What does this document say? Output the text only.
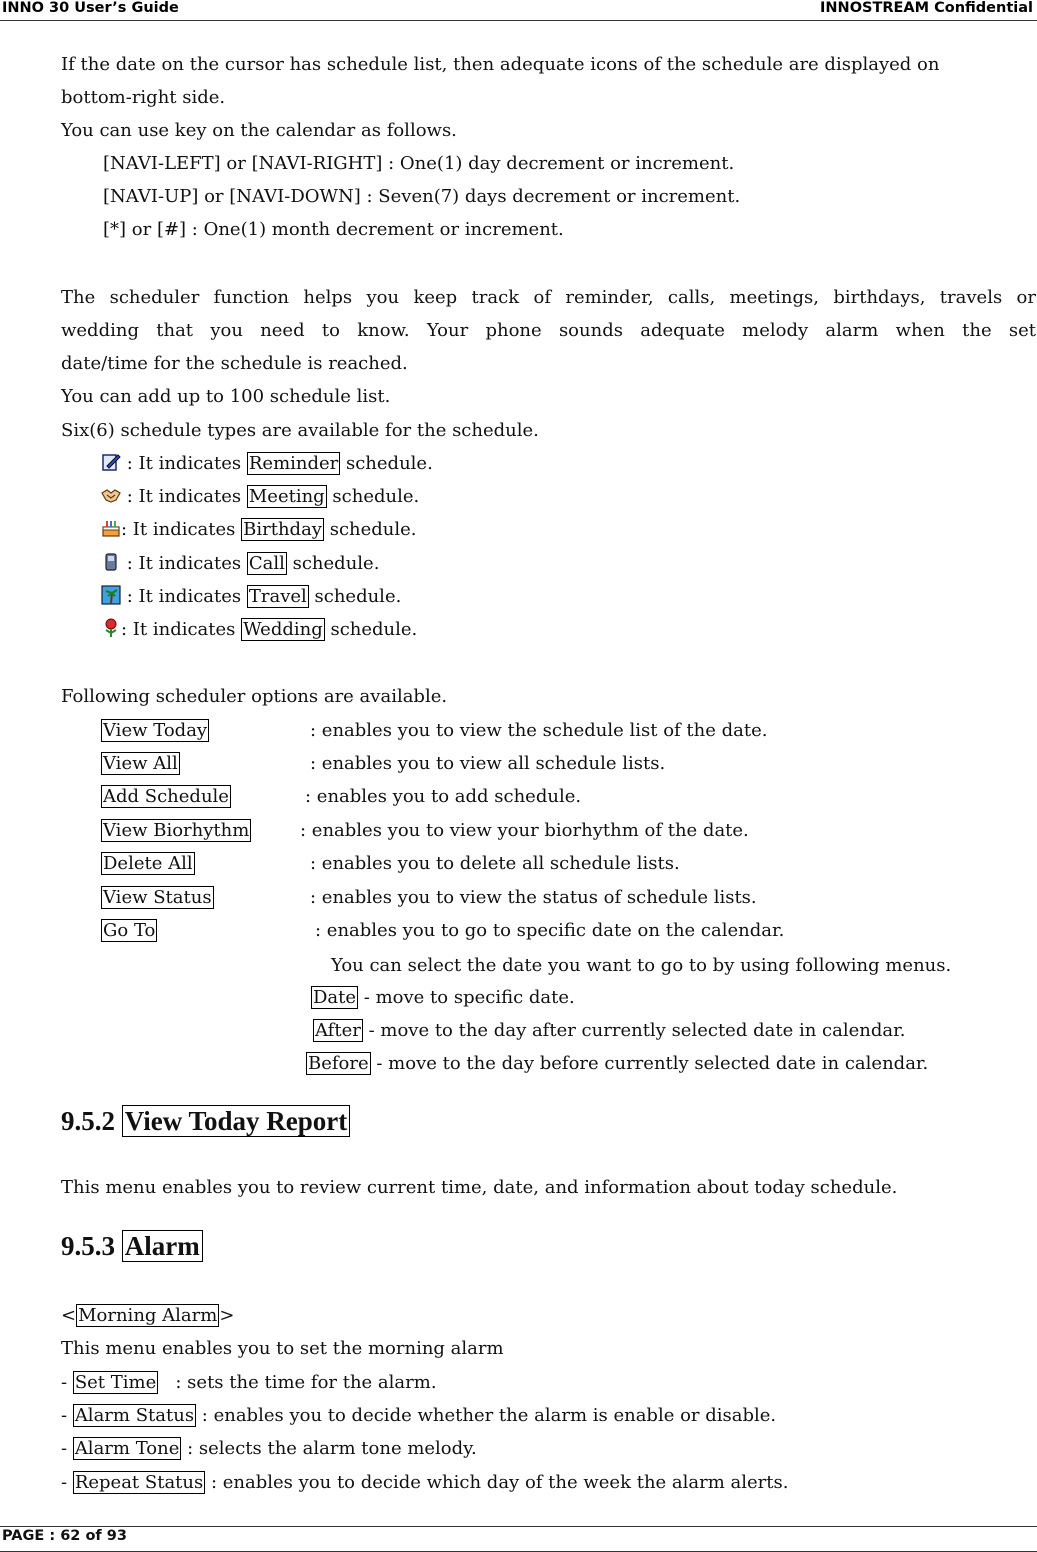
INNO 30 User’s Guide	INNOSTREAM Confidential
If the date on the cursor has schedule list, then adequate icons of the schedule are displayed on
bottom-right side.
You can use key on the calendar as follows.
[NAVI-LEFT] or [NAVI-RIGHT] : One(1) day decrement or increment.
[NAVI-UP] or [NAVI-DOWN] : Seven(7) days decrement or increment.
[*] or [#] : One(1) month decrement or increment.
The scheduler function helps you keep track of reminder, calls, meetings, birthdays, travels or
wedding that you need to know. Your phone sounds adequate melody alarm when the set
date/time for the schedule is reached.
You can add up to 100 schedule list.
Six(6) schedule types are available for the schedule.
: It indicates Reminder schedule.
: It indicates Meeting schedule.
: It indicates Birthday schedule.
: It indicates Call schedule.
: It indicates Travel schedule.
: It indicates Wedding schedule.
Following scheduler options are available.
View Today	: enables you to view the schedule list of the date.
View All	: enables you to view all schedule lists.
Add Schedule	: enables you to add schedule.
View Biorhythm	: enables you to view your biorhythm of the date.
Delete All	: enables you to delete all schedule lists.
View Status	: enables you to view the status of schedule lists.
Go To	: enables you to go to specific date on the calendar.
You can select the date you want to go to by using following menus.
Date - move to specific date.
After - move to the day after currently selected date in calendar.
Before - move to the day before currently selected date in calendar.
9.5.2 View Today Report
This menu enables you to review current time, date, and information about today schedule.
9.5.3 Alarm
< Morning Alarm >
This menu enables you to set the morning alarm
- Set Time   : sets the time for the alarm.
- Alarm Status : enables you to decide whether the alarm is enable or disable.
- Alarm Tone : selects the alarm tone melody.
- Repeat Status : enables you to decide which day of the week the alarm alerts.
PAGE : 62 of 93
